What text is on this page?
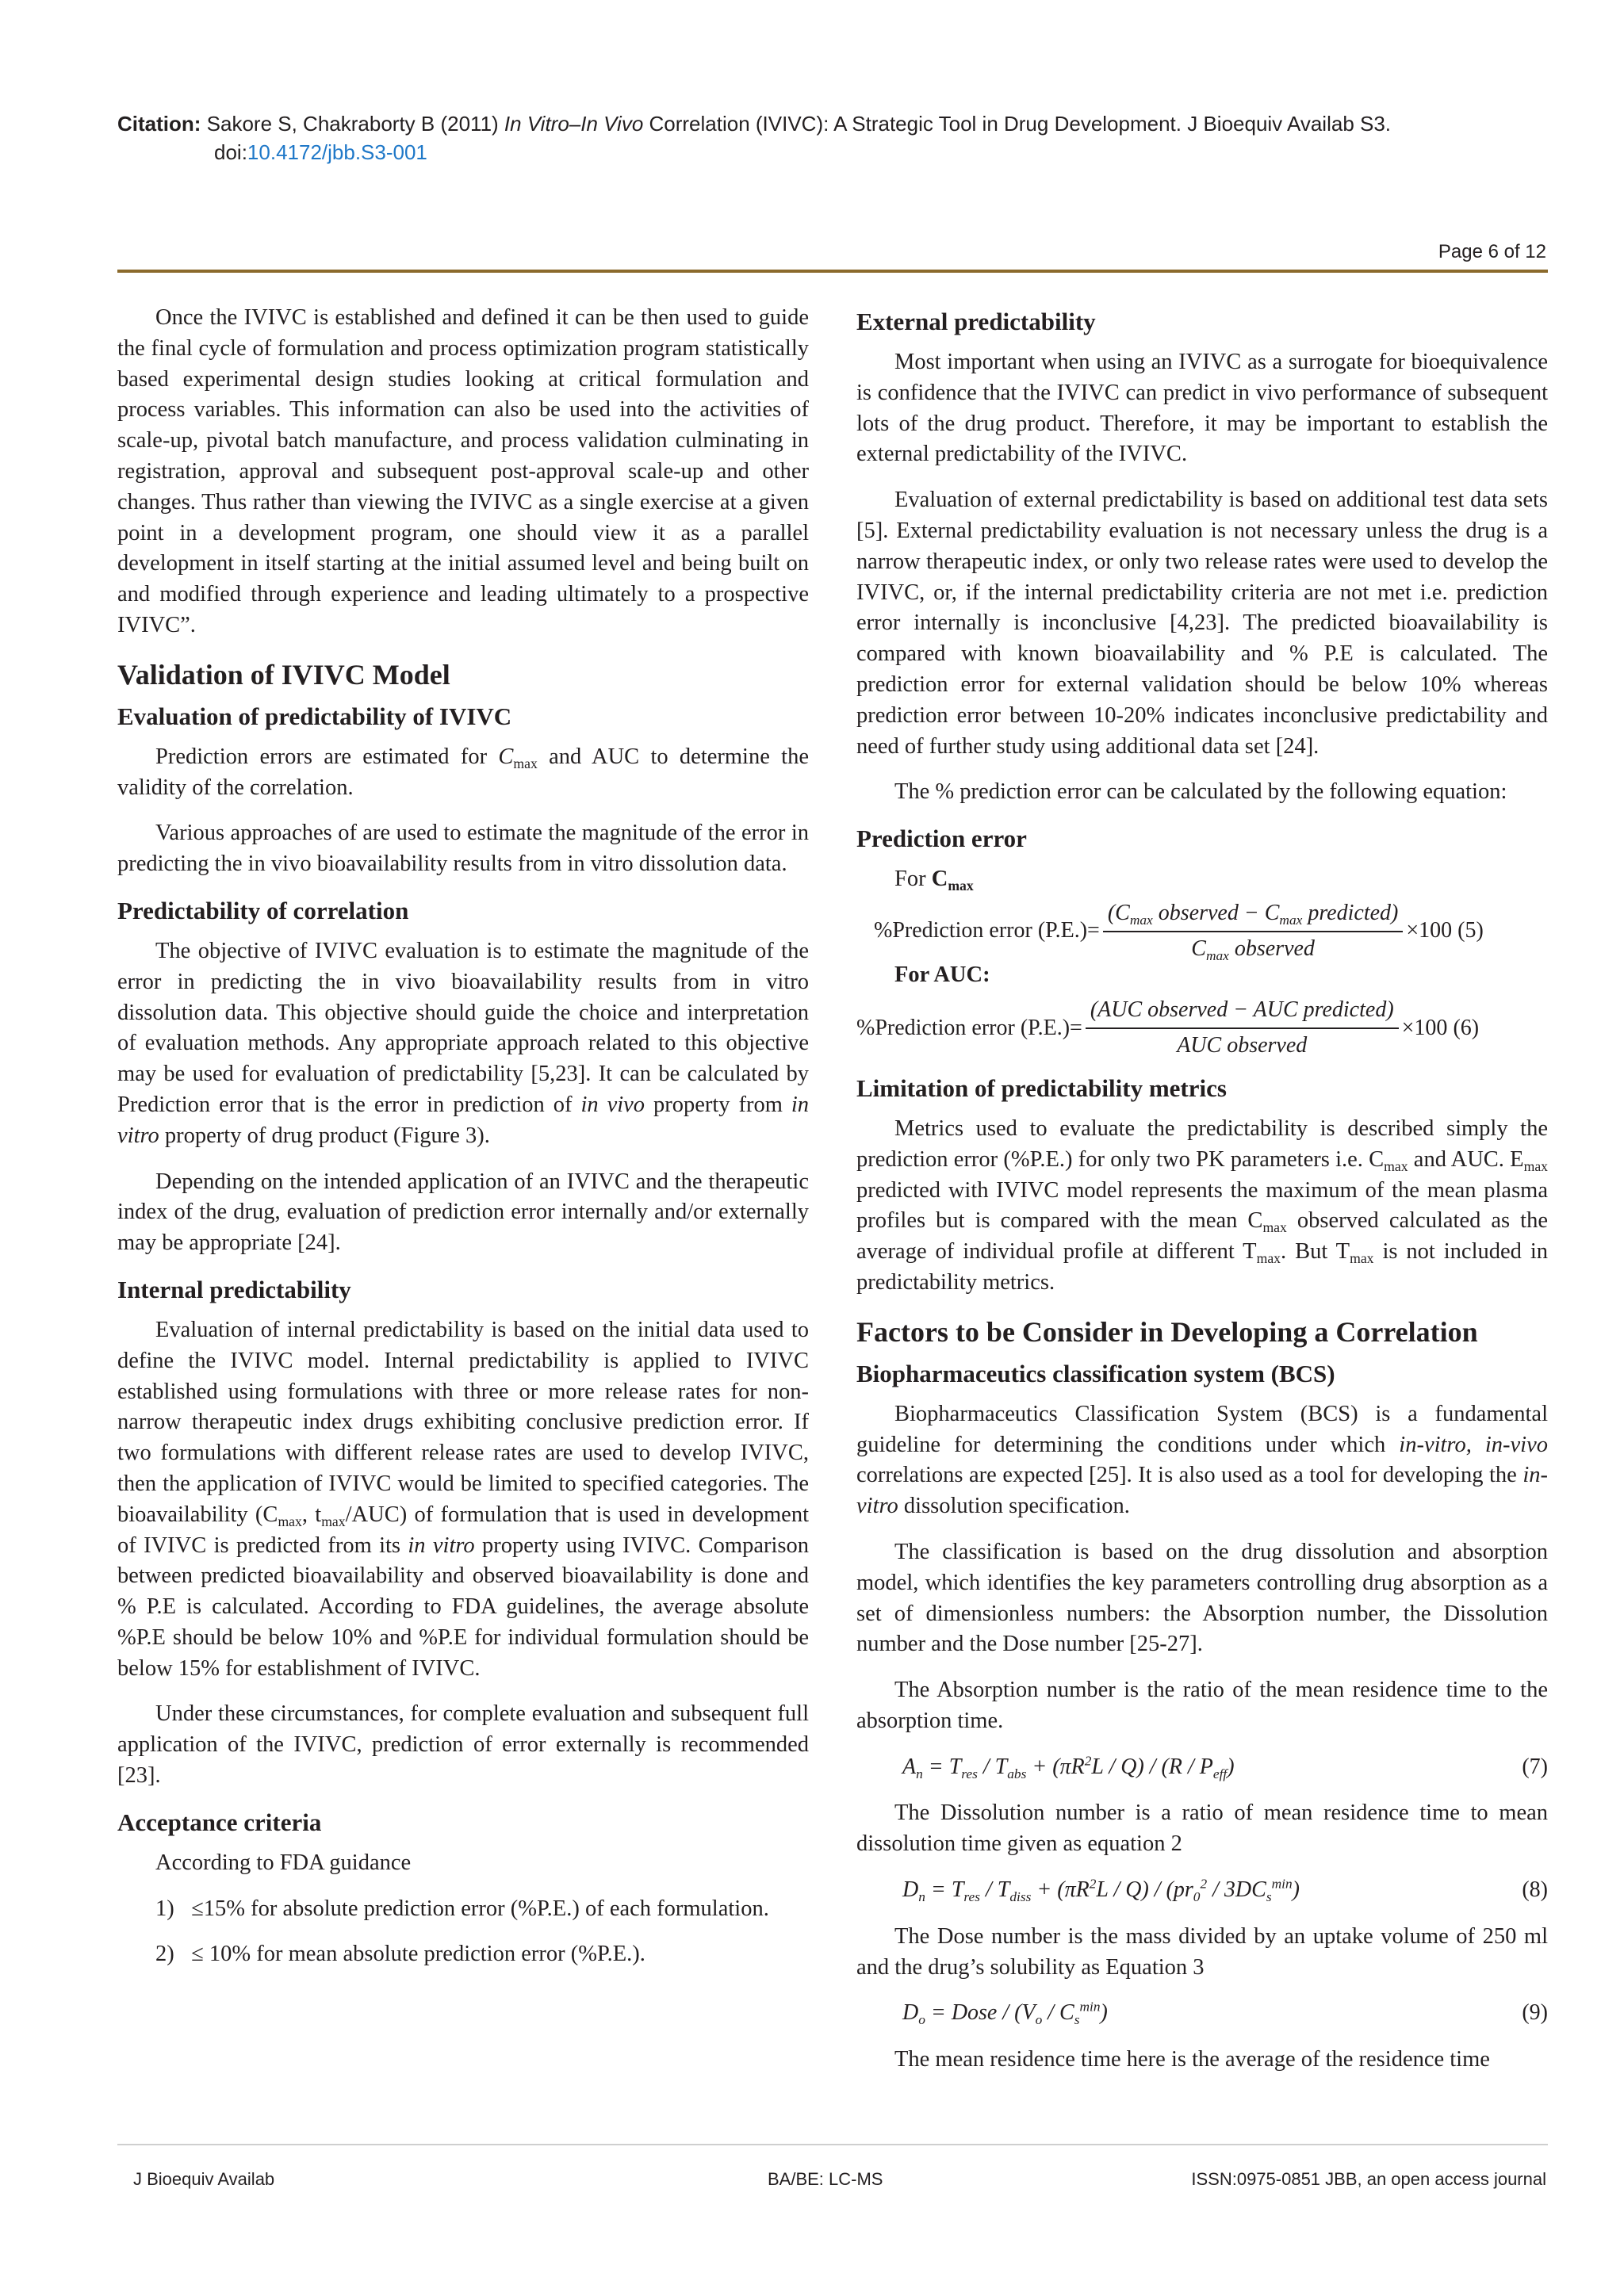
Citation: Sakore S, Chakraborty B (2011) In Vitro–In Vivo Correlation (IVIVC): A Strategic Tool in Drug Development. J Bioequiv Availab S3.
doi:10.4172/jbb.S3-001
Page 6 of 12

Once the IVIVC is established and defined it can be then used to guide the final cycle of formulation and process optimization program statistically based experimental design studies looking at critical formulation and process variables. This information can also be used into the activities of scale-up, pivotal batch manufacture, and process validation culminating in registration, approval and subsequent post-approval scale-up and other changes. Thus rather than viewing the IVIVC as a single exercise at a given point in a development program, one should view it as a parallel development in itself starting at the initial assumed level and being built on and modified through experience and leading ultimately to a prospective IVIVC”.

Validation of IVIVC Model
Evaluation of predictability of IVIVC

Prediction errors are estimated for $C_{max}$ and AUC to determine the validity of the correlation.

Various approaches of are used to estimate the magnitude of the error in predicting the in vivo bioavailability results from in vitro dissolution data.

Predictability of correlation

The objective of IVIVC evaluation is to estimate the magnitude of the error in predicting the in vivo bioavailability results from in vitro dissolution data. This objective should guide the choice and interpretation of evaluation methods. Any appropriate approach related to this objective may be used for evaluation of predictability [5,23]. It can be calculated by Prediction error that is the error in prediction of in vivo property from in vitro property of drug product (Figure 3).

Depending on the intended application of an IVIVC and the therapeutic index of the drug, evaluation of prediction error internally and/or externally may be appropriate [24].

Internal predictability

Evaluation of internal predictability is based on the initial data used to define the IVIVC model. Internal predictability is applied to IVIVC established using formulations with three or more release rates for non-narrow therapeutic index drugs exhibiting conclusive prediction error. If two formulations with different release rates are used to develop IVIVC, then the application of IVIVC would be limited to specified categories. The bioavailability ($C_{max}$, $t_{max}/AUC$) of formulation that is used in development of IVIVC is predicted from its in vitro property using IVIVC. Comparison between predicted bioavailability and observed bioavailability is done and % P.E is calculated. According to FDA guidelines, the average absolute %P.E should be below 10% and %P.E for individual formulation should be below 15% for establishment of IVIVC.

Under these circumstances, for complete evaluation and subsequent full application of the IVIVC, prediction of error externally is recommended [23].

Acceptance criteria

According to FDA guidance

1) ≤15% for absolute prediction error (%P.E.) of each formulation.
2) ≤ 10% for mean absolute prediction error (%P.E.).
External predictability

Most important when using an IVIVC as a surrogate for bioequivalence is confidence that the IVIVC can predict in vivo performance of subsequent lots of the drug product. Therefore, it may be important to establish the external predictability of the IVIVC.

Evaluation of external predictability is based on additional test data sets [5]. External predictability evaluation is not necessary unless the drug is a narrow therapeutic index, or only two release rates were used to develop the IVIVC, or, if the internal predictability criteria are not met i.e. prediction error internally is inconclusive [4,23]. The predicted bioavailability is compared with known bioavailability and % P.E is calculated. The prediction error for external validation should be below 10% whereas prediction error between 10-20% indicates inconclusive predictability and need of further study using additional data set [24].

The % prediction error can be calculated by the following equation:

Prediction error

For $C_{max}$

%Prediction error $(P.E.)= \frac{(C_{max} observed - C_{max} predicted)}{C_{max} observed} \times 100$
(5)

For AUC:

%Prediction error $(P.E.)= \frac{\text{(AUC observed − AUC predicted)}}{\text{AUC observed}} \times 100$
(6)
Limitation of predictability metrics

Metrics used to evaluate the predictability is described simply the prediction error (%P.E.) for only two PK parameters i.e. $C_{max}$ and AUC. $E_{max}$ predicted with IVIVC model represents the maximum of the mean plasma profiles but is compared with the mean $C_{max}$ observed calculated as the average of individual profile at different $T_{max}$. But $T_{max}$ is not included in predictability metrics.

Factors to be Consider in Developing a Correlation
Biopharmaceutics classification system (BCS)

Biopharmaceutics Classification System (BCS) is a fundamental guideline for determining the conditions under which in-vitro, in-vivo correlations are expected [25]. It is also used as a tool for developing the in-vitro dissolution specification.

The classification is based on the drug dissolution and absorption model, which identifies the key parameters controlling drug absorption as a set of dimensionless numbers: the Absorption number, the Dissolution number and the Dose number [25-27].

The Absorption number is the ratio of the mean residence time to the absorption time.

$A_n = T_{res} / T_{abs} + (\pi R^2L / Q) / (R / P_{eff})$	(7)

The Dissolution number is a ratio of mean residence time to mean dissolution time given as equation 2

$D_n = T_{res} / T_{diss} + (\pi R^2L / Q) / (pr_0^2 / 3DC_s^{min})$	(8)

The Dose number is the mass divided by an uptake volume of 250 ml and the drug’s solubility as Equation 3

$D_o$ = Dose / $(V_o / C_s^{min})$	(9)

The mean residence time here is the average of the residence time

J Bioequiv Availab	BA/BE: LC-MS	ISSN:0975-0851 JBB, an open access journal
